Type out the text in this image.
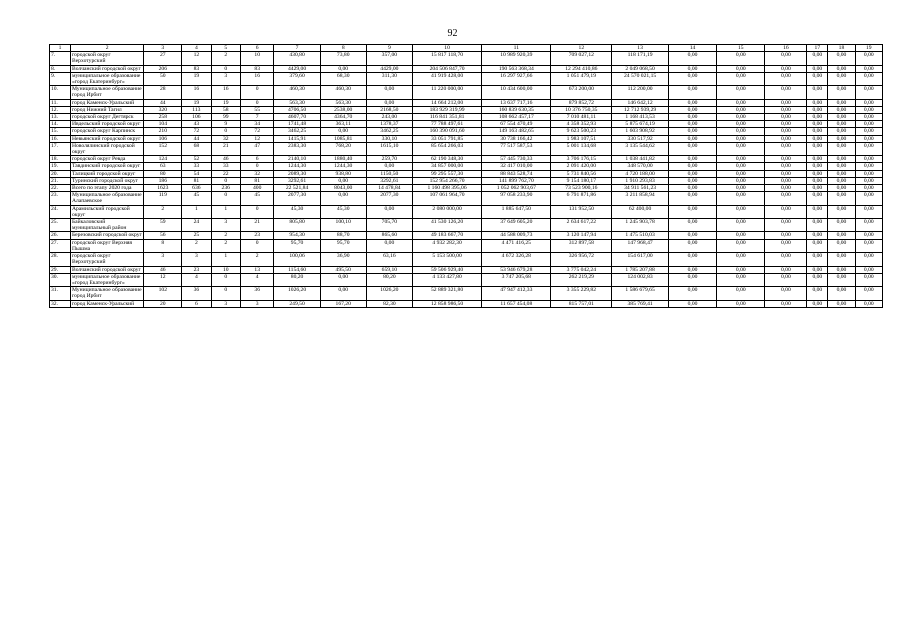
92
1	2	3	4	5	6	7	8	9	10	11	12	13	14	15	16	17	18	19
7.	городской округ Верхотурский	27	12	2	10	430,80	73,80	357,00	15 817 118,70	10 989 920,39	709 027,12	118 171,19	0,00	0,00	0,00	0,00	0,00	0,00
8.	Волчанский городской округ	206	83	0	83	4429,00	0,00	4429,00	204 506 847,70	190 563 368,34	12 294 410,86	2 049 068,50	0,00	0,00	0,00	0,00	0,00	0,00
9.	муниципальное образование «город Екатеринбург»	50	19	3	16	379,60	68,30	311,30	41 919 428,00	16 297 927,66	1 051 479,19	24 570 021,15	0,00	0,00	0,00	0,00	0,00	0,00
10.	Муниципальное образование город Ирбит	28	16	16	0	460,30	460,30	0,00	11 220 000,00	10 434 600,00	673 200,00	112 200,00	0,00	0,00	0,00	0,00	0,00	0,00
11.	город Каменск-Уральский	44	19	19	0	563,30	563,30	0,00	14 664 212,00	13 637 717,16	879 852,72	146 642,12	0,00	0,00	0,00	0,00	0,00	0,00
12.	город Нижний Тагил	320	113	58	55	4706,50	2538,00	2168,50	183 929 319,99	160 839 630,35	10 376 750,35	12 712 939,29	0,00	0,00	0,00	0,00	0,00	0,00
13.	городской округ Дегтярск	258	106	99	7	4607,70	4364,70	243,00	116 841 351,81	108 662 457,17	7 010 481,11	1 168 413,53	0,00	0,00	0,00	0,00	0,00	0,00
14.	Ивдельский городской округ	104	43	9	34	1741,48	363,11	1378,37	77 788 497,61	67 554 470,49	4 358 352,93	5 875 674,19	0,00	0,00	0,00	0,00	0,00	0,00
15.	городской округ Карпинск	210	72	0	72	3462,25	0,00	3462,25	160 390 091,60	149 163 482,65	9 623 500,23	1 603 908,92	0,00	0,00	0,00	0,00	0,00	0,00
16.	Невьянский городской округ	106	44	32	12	1415,91	1085,81	330,10	33 051 791,85	30 738 166,42	1 983 107,51	330 517,92	0,00	0,00	0,00	0,00	0,00	0,00
17.	Новолялинский городской округ	152	68	21	47	2383,30	768,20	1615,10	85 654 266,03	77 517 587,53	5 001 134,68	3 135 544,62	0,00	0,00	0,00	0,00	0,00	0,00
18.	городской округ Ревда	124	52	46	6	2140,10	1880,40	259,70	62 190 348,30	57 445 730,33	3 706 176,15	1 038 441,82	0,00	0,00	0,00	0,00	0,00	0,00
19.	Тавдинский городской округ	63	33	33	0	1244,30	1244,30	0,00	34 857 000,00	32 417 010,00	2 091 420,00	348 570,00	0,00	0,00	0,00	0,00	0,00	0,00
20.	Талицкий городской округ	80	54	22	32	2089,30	938,80	1150,50	99 295 557,30	88 843 528,74	5 731 840,56	4 720 188,00	0,00	0,00	0,00	0,00	0,00	0,00
21.	Туринский городской округ	186	81	0	81	3292,61	0,00	3292,61	152 954 266,70	141 899 762,70	9 154 180,17	1 910 293,83	0,00	0,00	0,00	0,00	0,00	0,00
22.	Всего по этапу 2020 года	1623	636	236	400	22 521,84	8043,00	14 478,84	1 160 498 395,06	1 052 062 903,67	73 523 900,16	34 911 561,23	0,00	0,00	0,00	0,00	0,00	0,00
23.	Муниципальное образование Алапаевское	119	45	0	45	2077,30	0,00	2077,30	107 061 964,70	97 058 233,90	6 791 871,86	3 211 858,94	0,00	0,00	0,00	0,00	0,00	0,00
24.	Арамильский городской округ	2	1	1	0	45,30	45,30	0,00	2 080 000,00	1 885 647,50	131 952,50	62 400,00	0,00	0,00	0,00	0,00	0,00	0,00
25.	Байкаловский муниципальный район	59	24	3	21	805,80	100,10	705,70	41 530 126,20	37 649 605,20	2 634 617,22	1 245 903,78	0,00	0,00	0,00	0,00	0,00	0,00
26.	Березовский городской округ	56	25	2	23	954,30	88,70	865,60	49 183 667,70	44 588 009,73	3 120 147,94	1 475 510,03	0,00	0,00	0,00	0,00	0,00	0,00
27.	городской округ Верхняя Пышма	8	2	2	0	95,70	95,70	0,00	4 932 282,30	4 471 416,25	312 897,58	147 968,47	0,00	0,00	0,00	0,00	0,00	0,00
28.	городской округ Верхотурский	3	3	1	2	100,06	36,90	63,16	5 153 500,00	4 672 326,28	326 956,72	154 617,00	0,00	0,00	0,00	0,00	0,00	0,00
29.	Волчанский городской округ	46	23	10	13	1154,60	495,50	659,10	59 506 929,40	53 946 679,28	3 775 042,24	1 785 207,88	0,00	0,00	0,00	0,00	0,00	0,00
30.	муниципальное образование «город Екатеринбург»	12	4	0	4	80,20	0,00	80,20	4 133 427,80	3 747 205,68	262 219,29	124 002,83	0,00	0,00	0,00	0,00	0,00	0,00
31.	Муниципальное образование город Ирбит	102	36	0	36	1026,20	0,00	1026,20	52 889 321,80	47 947 412,33	3 355 229,82	1 586 679,65	0,00	0,00	0,00	0,00	0,00	0,00
32.	город Каменск-Уральский	20	6	3	3	249,50	167,20	82,30	12 858 986,50	11 657 454,08	815 757,01	385 769,41	0,00	0,00	0,00	0,00	0,00	0,00
